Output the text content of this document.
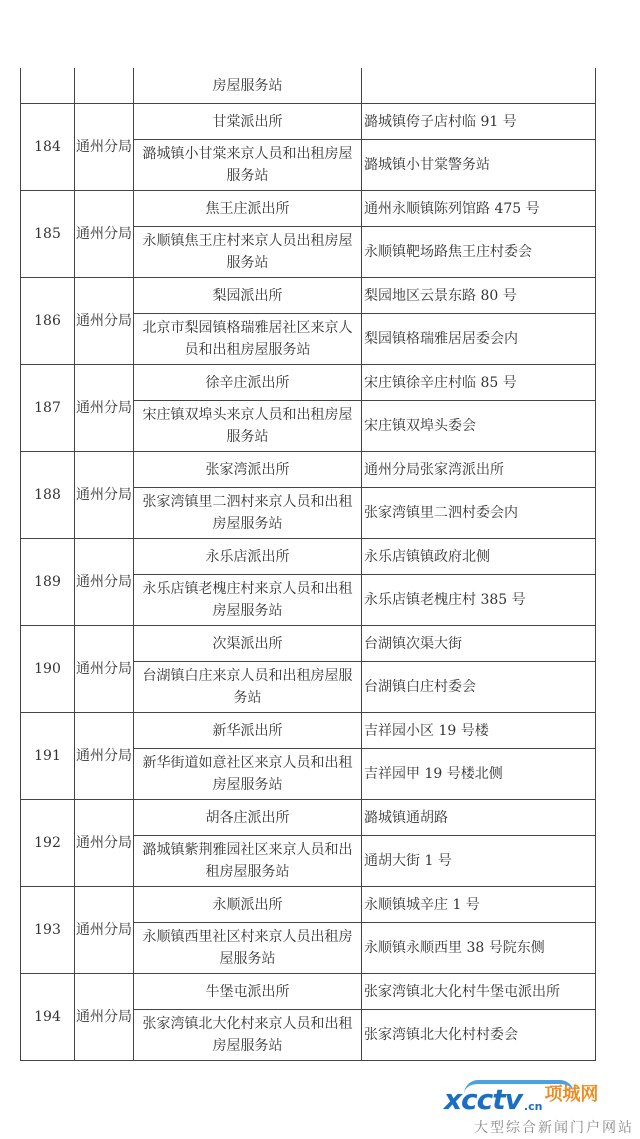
		房屋服务站	
184	通州分局	甘棠派出所	潞城镇侉子店村临 91 号
		潞城镇小甘棠来京人员和出租房屋服务站	潞城镇小甘棠警务站
185	通州分局	焦王庄派出所	通州永顺镇陈列馆路 475 号
		永顺镇焦王庄村来京人员出租房屋服务站	永顺镇靶场路焦王庄村委会
186	通州分局	梨园派出所	梨园地区云景东路 80 号
		北京市梨园镇格瑞雅居社区来京人员和出租房屋服务站	梨园镇格瑞雅居居委会内
187	通州分局	徐辛庄派出所	宋庄镇徐辛庄村临 85 号
		宋庄镇双埠头来京人员和出租房屋服务站	宋庄镇双埠头委会
188	通州分局	张家湾派出所	通州分局张家湾派出所
		张家湾镇里二泗村来京人员和出租房屋服务站	张家湾镇里二泗村委会内
189	通州分局	永乐店派出所	永乐店镇镇政府北侧
		永乐店镇老槐庄村来京人员和出租房屋服务站	永乐店镇老槐庄村 385 号
190	通州分局	次渠派出所	台湖镇次渠大街
		台湖镇白庄来京人员和出租房屋服务站	台湖镇白庄村委会
191	通州分局	新华派出所	吉祥园小区 19 号楼
		新华街道如意社区来京人员和出租房屋服务站	吉祥园甲 19 号楼北侧
192	通州分局	胡各庄派出所	潞城镇通胡路
		潞城镇紫荆雅园社区来京人员和出租房屋服务站	通胡大街 1 号
193	通州分局	永顺派出所	永顺镇城辛庄 1 号
		永顺镇西里社区村来京人员出租房屋服务站	永顺镇永顺西里 38 号院东侧
194	通州分局	牛堡屯派出所	张家湾镇北大化村牛堡屯派出所
		张家湾镇北大化村来京人员和出租房屋服务站	张家湾镇北大化村村委会
xcctv .cn
项城网
大型综合新闻门户网站
